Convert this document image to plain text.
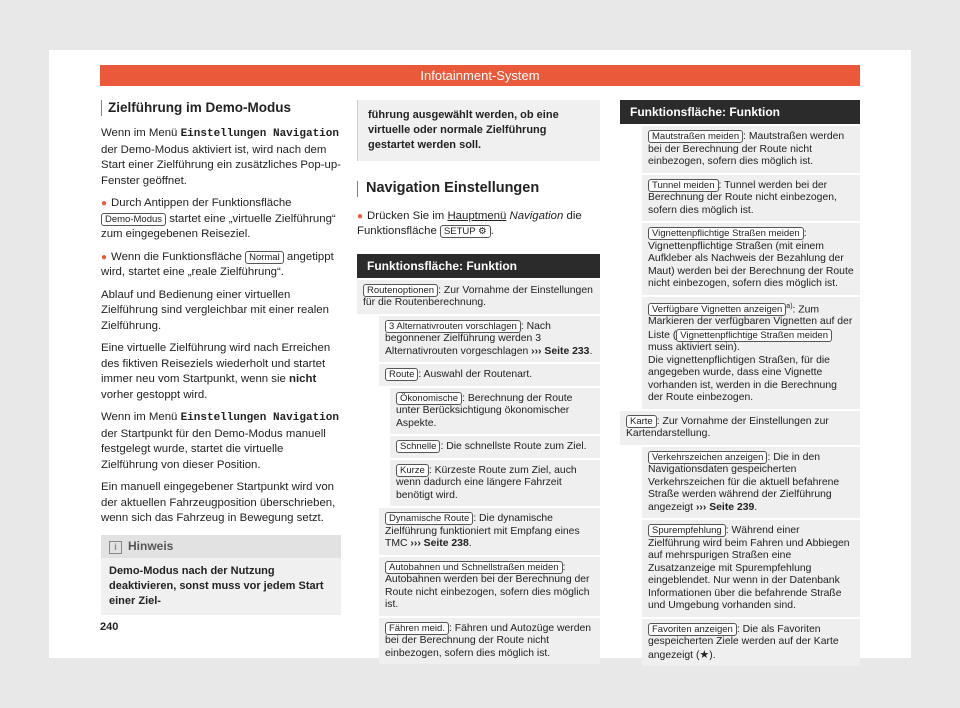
Infotainment-System
Zielführung im Demo-Modus

Wenn im Menü Einstellungen Navigation der Demo-Modus aktiviert ist, wird nach dem Start einer Zielführung ein zusätzliches Pop-up-Fenster geöffnet.

● Durch Antippen der Funktionsfläche Demo-Modus startet eine „virtuelle Zielführung“ zum eingegebenen Reiseziel.

● Wenn die Funktionsfläche Normal angetippt wird, startet eine „reale Zielführung“.

Ablauf und Bedienung einer virtuellen Zielführung sind vergleichbar mit einer realen Zielführung.

Eine virtuelle Zielführung wird nach Erreichen des fiktiven Reiseziels wiederholt und startet immer neu vom Startpunkt, wenn sie nicht vorher gestoppt wird.

Wenn im Menü Einstellungen Navigation der Startpunkt für den Demo-Modus manuell festgelegt wurde, startet die virtuelle Zielführung von dieser Position.

Ein manuell eingegebener Startpunkt wird von der aktuellen Fahrzeugposition überschrieben, wenn sich das Fahrzeug in Bewegung setzt.

i Hinweis
Demo-Modus nach der Nutzung deaktivieren, sonst muss vor jedem Start einer Ziel-
führung ausgewählt werden, ob eine virtuelle oder normale Zielführung gestartet werden soll.
Navigation Einstellungen

● Drücken Sie im Hauptmenü Navigation die Funktionsfläche SETUP ⚙ .

Funktionsfläche: Funktion
Routenoptionen : Zur Vornahme der Einstellungen für die Routenberechnung.
3 Alternativrouten vorschlagen : Nach begonnener Zielführung werden 3 Alternativrouten vorgeschlagen ››› Seite 233.
Route : Auswahl der Routenart.
Ökonomische : Berechnung der Route unter Berücksichtigung ökonomischer Aspekte.
Schnelle : Die schnellste Route zum Ziel.
Kurze : Kürzeste Route zum Ziel, auch wenn dadurch eine längere Fahrzeit benötigt wird.
Dynamische Route : Die dynamische Zielführung funktioniert mit Empfang eines TMC ››› Seite 238.
Autobahnen und Schnellstraßen meiden : Autobahnen werden bei der Berechnung der Route nicht einbezogen, sofern dies möglich ist.
Fähren meid. : Fähren und Autozüge werden bei der Berechnung der Route nicht einbezogen, sofern dies möglich ist.
Funktionsfläche: Funktion
Mautstraßen meiden : Mautstraßen werden bei der Berechnung der Route nicht einbezogen, sofern dies möglich ist.
Tunnel meiden : Tunnel werden bei der Berechnung der Route nicht einbezogen, sofern dies möglich ist.
Vignettenpflichtige Straßen meiden : Vignettenpflichtige Straßen (mit einem Aufkleber als Nachweis der Bezahlung der Maut) werden bei der Berechnung der Route nicht einbezogen, sofern dies möglich ist.
Verfügbare Vignetten anzeigen $^{a)}$: Zum Markieren der verfügbaren Vignetten auf der Liste ( Vignettenpflichtige Straßen meiden muss aktiviert sein).
Die vignettenpflichtigen Straßen, für die angegeben wurde, dass eine Vignette vorhanden ist, werden in die Berechnung der Route einbezogen.
Karte : Zur Vornahme der Einstellungen zur Kartendarstellung.
Verkehrszeichen anzeigen : Die in den Navigationsdaten gespeicherten Verkehrszeichen für die aktuell befahrene Straße werden während der Zielführung angezeigt ››› Seite 239.
Spurempfehlung : Während einer Zielführung wird beim Fahren und Abbiegen auf mehrspurigen Straßen eine Zusatzanzeige mit Spurempfehlung eingeblendet. Nur wenn in der Datenbank Informationen über die befahrende Straße und Umgebung vorhanden sind.
Favoriten anzeigen : Die als Favoriten gespeicherten Ziele werden auf der Karte angezeigt (★).
240
